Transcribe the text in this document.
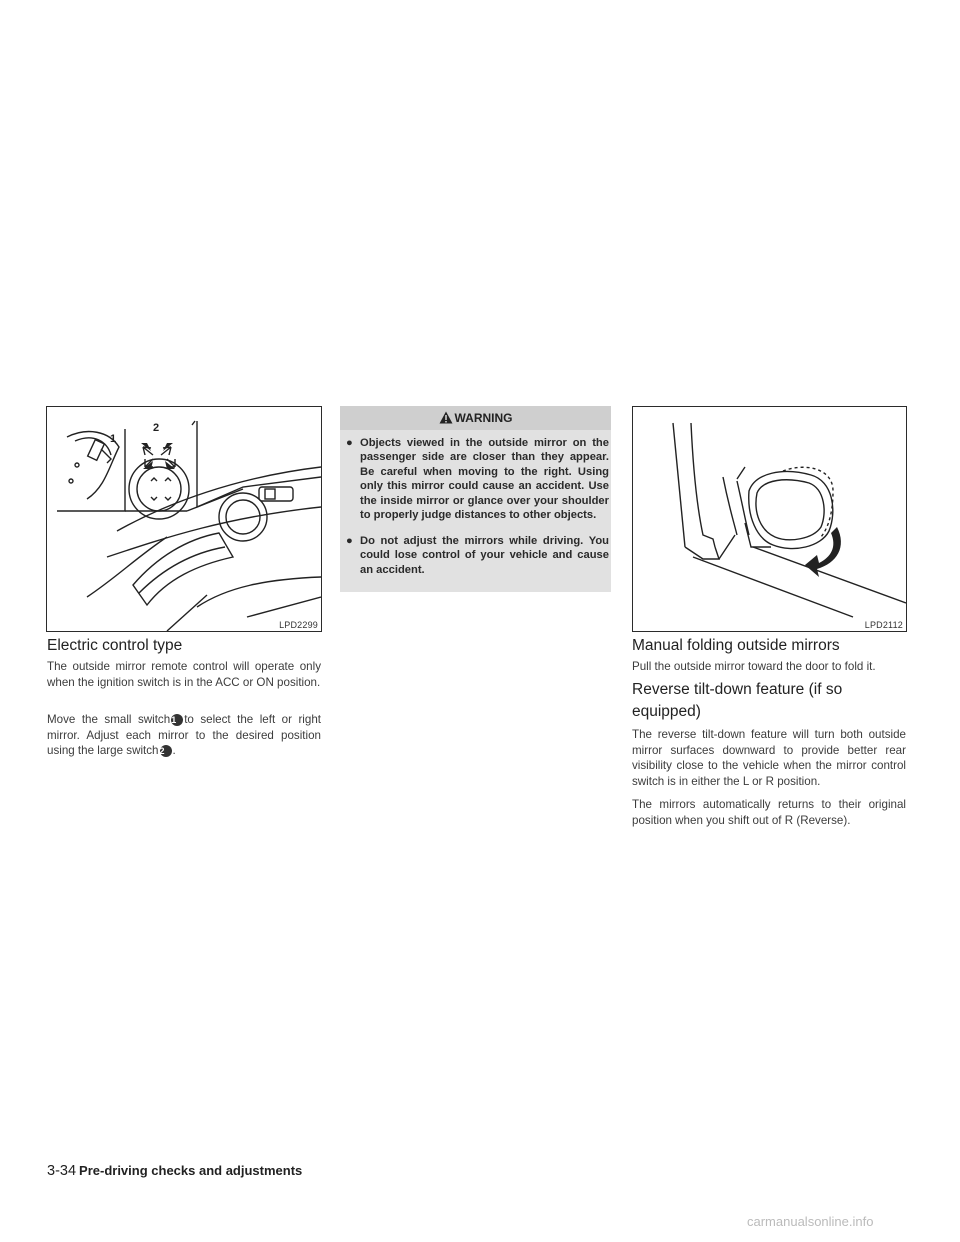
1
2
LPD2299
Electric control type

The outside mirror remote control will operate only when the ignition switch is in the ACC or ON position.

Move the small switch1 to select the left or right mirror. Adjust each mirror to the desired position using the large switch2 .

WARNING
● Objects viewed in the outside mirror on the passenger side are closer than they appear. Be careful when moving to the right. Using only this mirror could cause an accident. Use the inside mirror or glance over your shoulder to properly judge distances to other objects.
● Do not adjust the mirrors while driving. You could lose control of your vehicle and cause an accident.
LPD2112
Manual folding outside mirrors

Pull the outside mirror toward the door to fold it.

Reverse tilt-down feature (if so
equipped)

The reverse tilt-down feature will turn both outside mirror surfaces downward to provide better rear visibility close to the vehicle when the mirror control switch is in either the L or R position.

The mirrors automatically returns to their original position when you shift out of R (Reverse).

3-34 Pre-driving checks and adjustments
carmanualsonline.info
